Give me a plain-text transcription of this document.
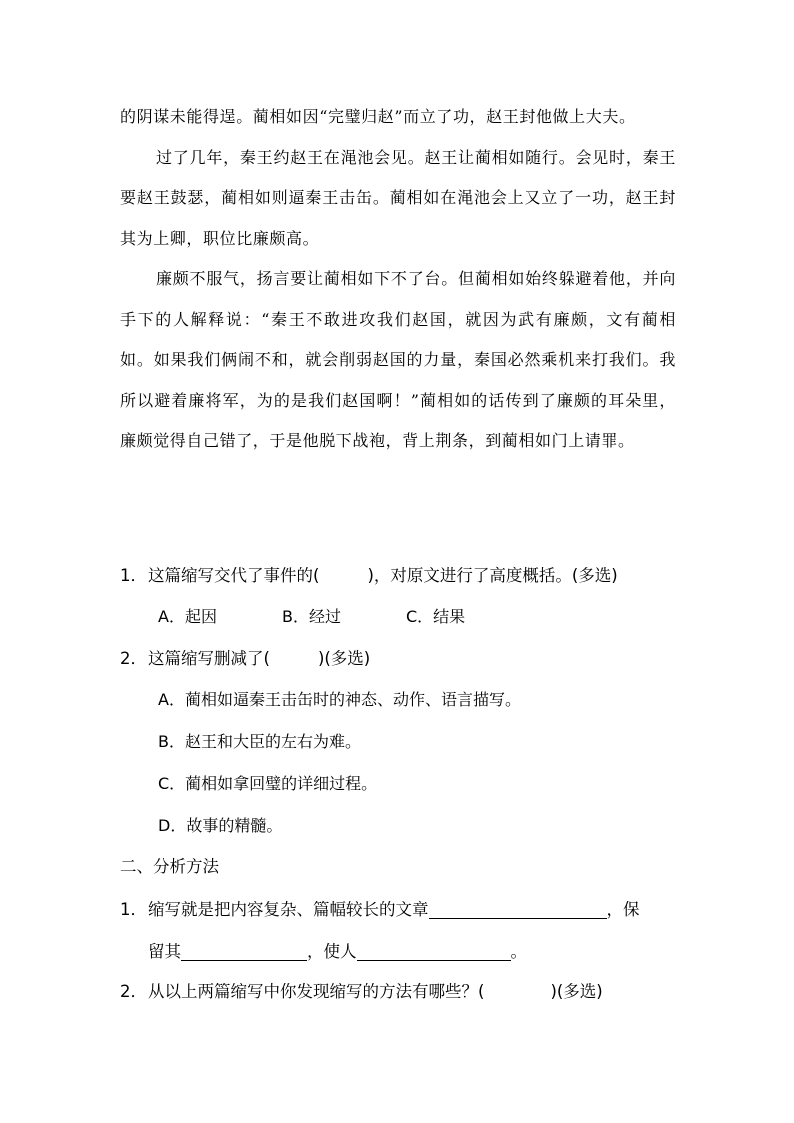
的阴谋未能得逞。蔺相如因“完璧归赵”而立了功，赵王封他做上大夫。

过了几年，秦王约赵王在渑池会见。赵王让蔺相如随行。会见时，秦王要赵王鼓瑟，蔺相如则逼秦王击缶。蔺相如在渑池会上又立了一功，赵王封其为上卿，职位比廉颇高。

廉颇不服气，扬言要让蔺相如下不了台。但蔺相如始终躲避着他，并向手下的人解释说：“秦王不敢进攻我们赵国，就因为武有廉颇，文有蔺相如。如果我们俩闹不和，就会削弱赵国的力量，秦国必然乘机来打我们。我所以避着廉将军，为的是我们赵国啊！”蔺相如的话传到了廉颇的耳朵里，廉颇觉得自己错了，于是他脱下战袍，背上荆条，到蔺相如门上请罪。

1．这篇缩写交代了事件的(	)，对原文进行了高度概括。(多选)
A．起因	B．经过	C．结果
2．这篇缩写删减了(	)(多选)
A．蔺相如逼秦王击缶时的神态、动作、语言描写。
B．赵王和大臣的左右为难。
C．蔺相如拿回璧的详细过程。
D．故事的精髓。
二、分析方法
1．缩写就是把内容复杂、篇幅较长的文章	，保
留其	，使人	。
2．从以上两篇缩写中你发现缩写的方法有哪些？(	)(多选)
